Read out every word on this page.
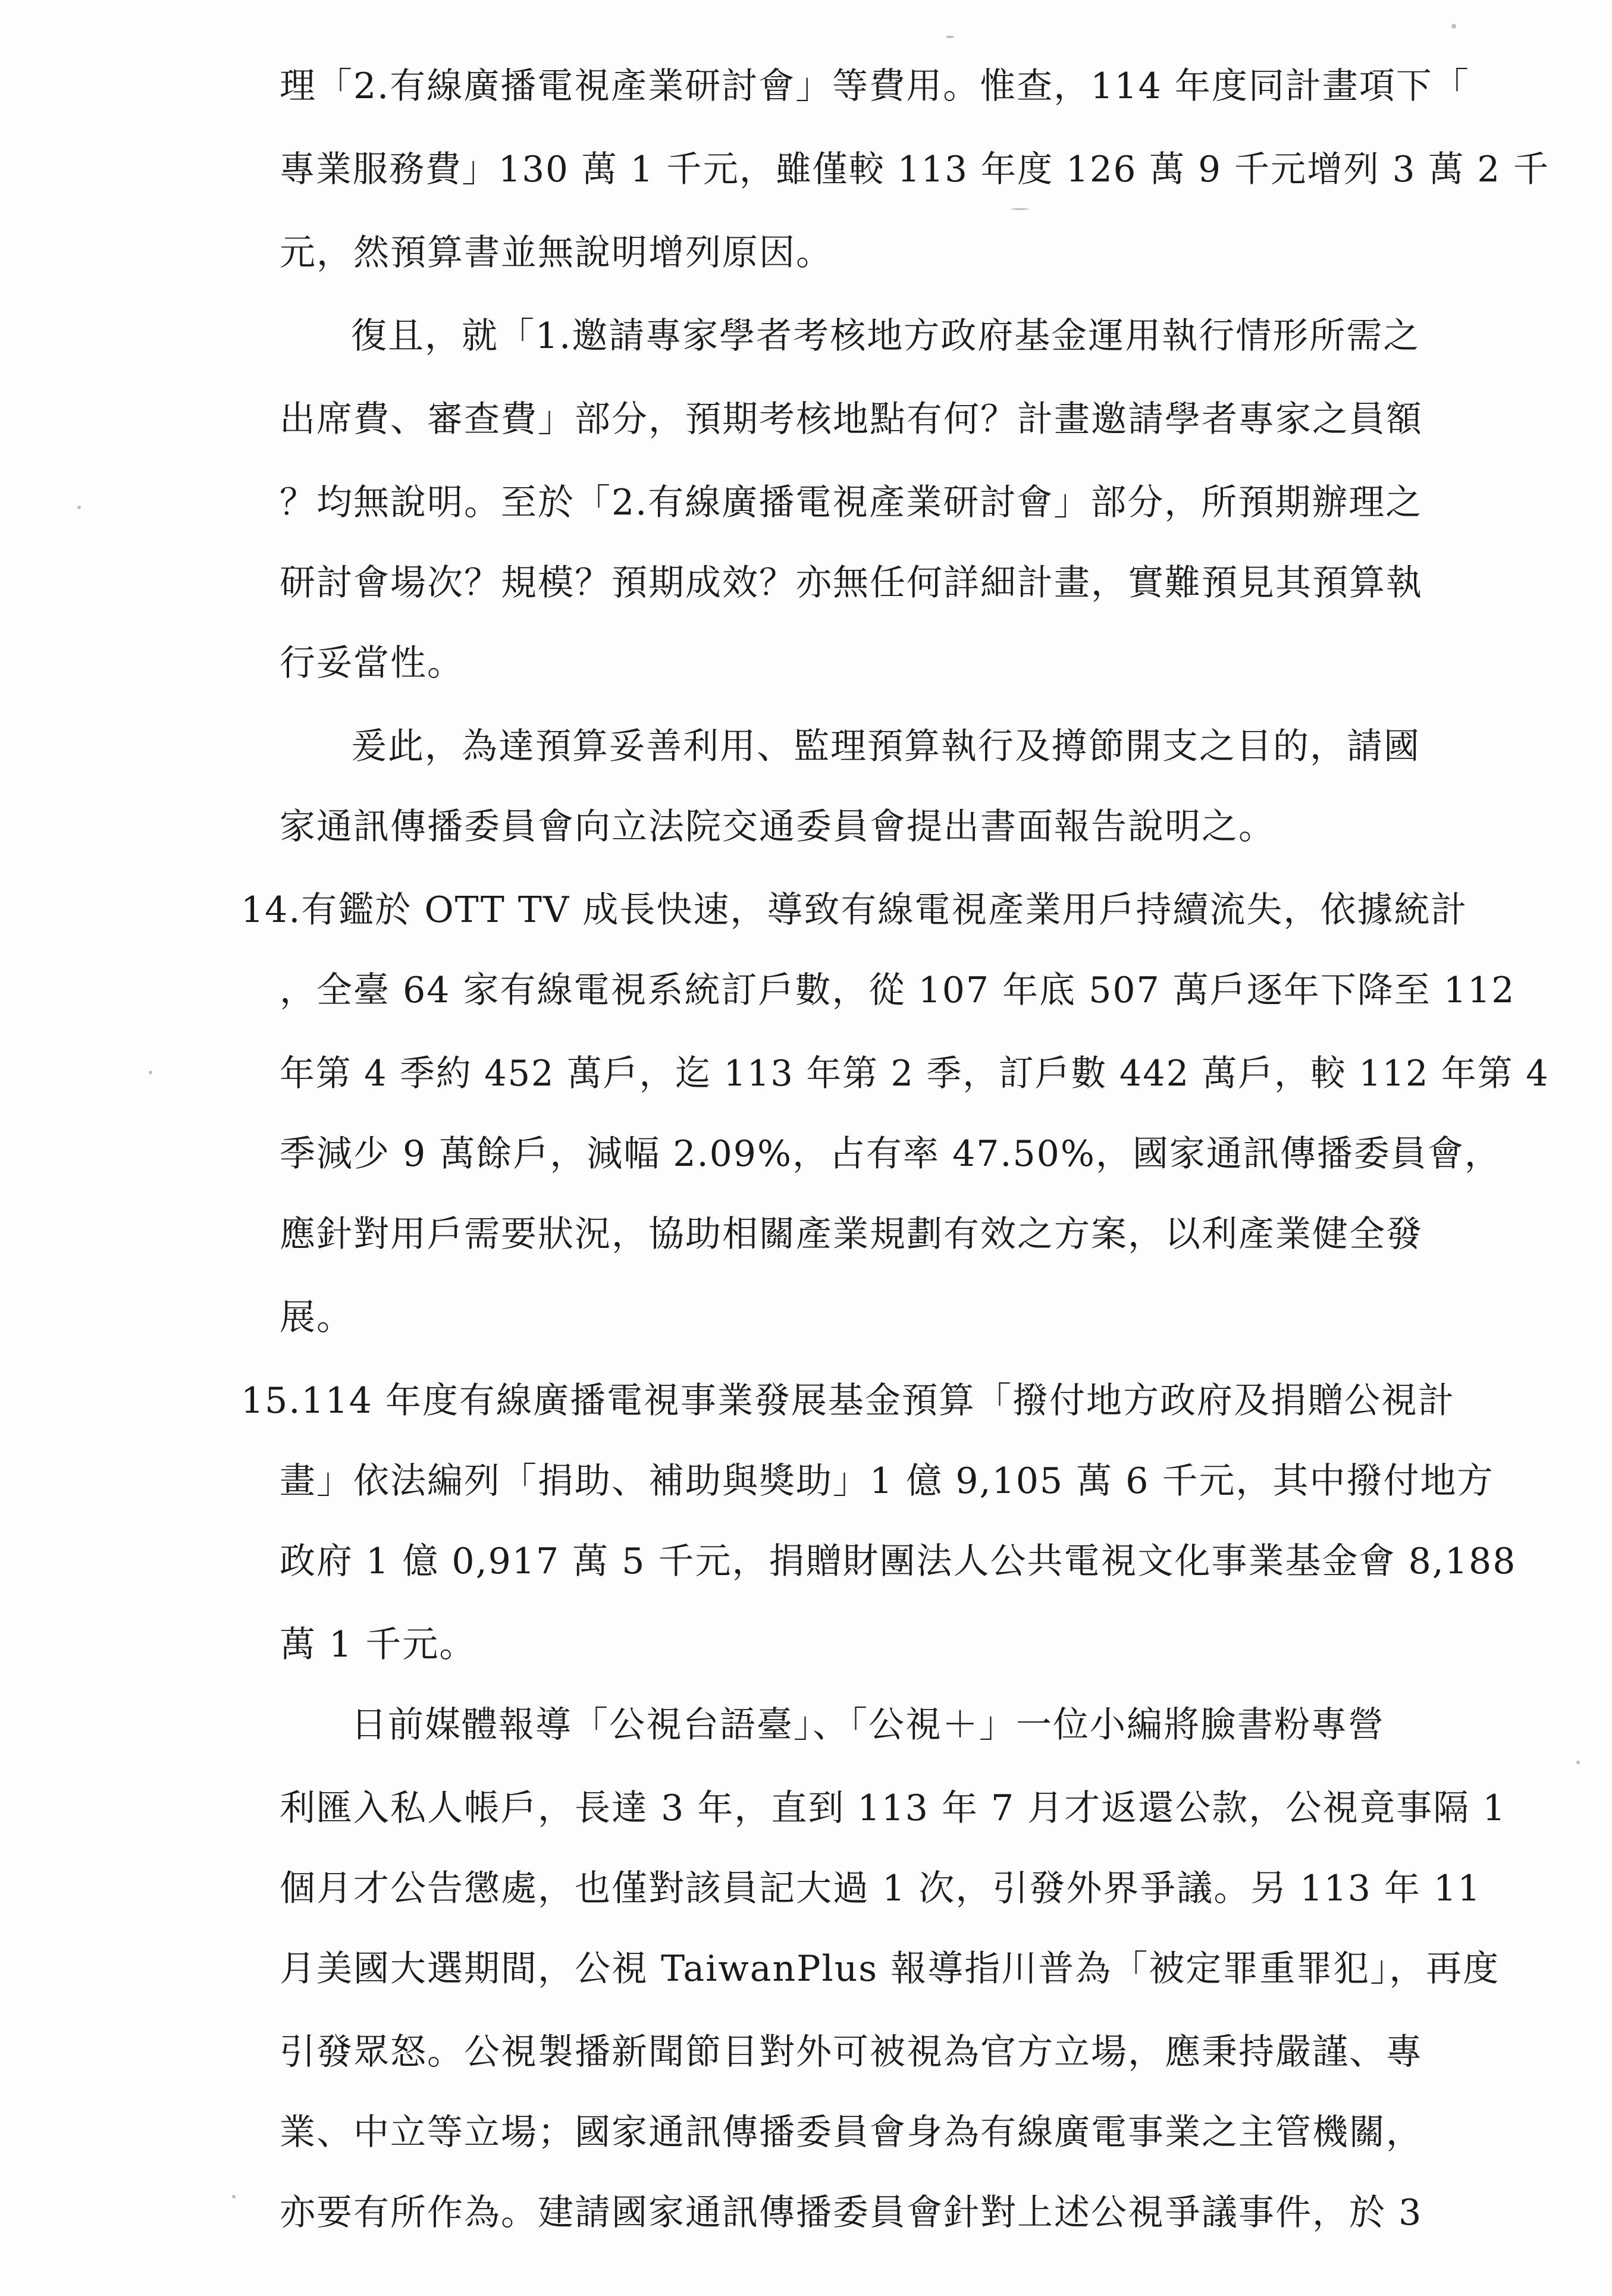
理「2.有線廣播電視產業研討會」等費用。惟查，114 年度同計畫項下「
專業服務費」130 萬 1 千元，雖僅較 113 年度 126 萬 9 千元增列 3 萬 2 千
元，然預算書並無說明增列原因。
復且，就「1.邀請專家學者考核地方政府基金運用執行情形所需之
出席費、審查費」部分，預期考核地點有何？計畫邀請學者專家之員額
？均無說明。至於「2.有線廣播電視產業研討會」部分，所預期辦理之
研討會場次？規模？預期成效？亦無任何詳細計畫，實難預見其預算執
行妥當性。
爰此，為達預算妥善利用、監理預算執行及撙節開支之目的，請國
家通訊傳播委員會向立法院交通委員會提出書面報告說明之。
14.有鑑於 OTT TV 成長快速，導致有線電視產業用戶持續流失，依據統計
，全臺 64 家有線電視系統訂戶數，從 107 年底 507 萬戶逐年下降至 112
年第 4 季約 452 萬戶，迄 113 年第 2 季，訂戶數 442 萬戶，較 112 年第 4
季減少 9 萬餘戶，減幅 2.09%，占有率 47.50%，國家通訊傳播委員會，
應針對用戶需要狀況，協助相關產業規劃有效之方案，以利產業健全發
展。
15.114 年度有線廣播電視事業發展基金預算「撥付地方政府及捐贈公視計
畫」依法編列「捐助、補助與獎助」1 億 9,105 萬 6 千元，其中撥付地方
政府 1 億 0,917 萬 5 千元，捐贈財團法人公共電視文化事業基金會 8,188
萬 1 千元。
日前媒體報導「公視台語臺」、「公視＋」一位小編將臉書粉專營
利匯入私人帳戶，長達 3 年，直到 113 年 7 月才返還公款，公視竟事隔 1
個月才公告懲處，也僅對該員記大過 1 次，引發外界爭議。另 113 年 11
月美國大選期間，公視 TaiwanPlus 報導指川普為「被定罪重罪犯」，再度
引發眾怒。公視製播新聞節目對外可被視為官方立場，應秉持嚴謹、專
業、中立等立場；國家通訊傳播委員會身為有線廣電事業之主管機關，
亦要有所作為。建請國家通訊傳播委員會針對上述公視爭議事件，於 3
